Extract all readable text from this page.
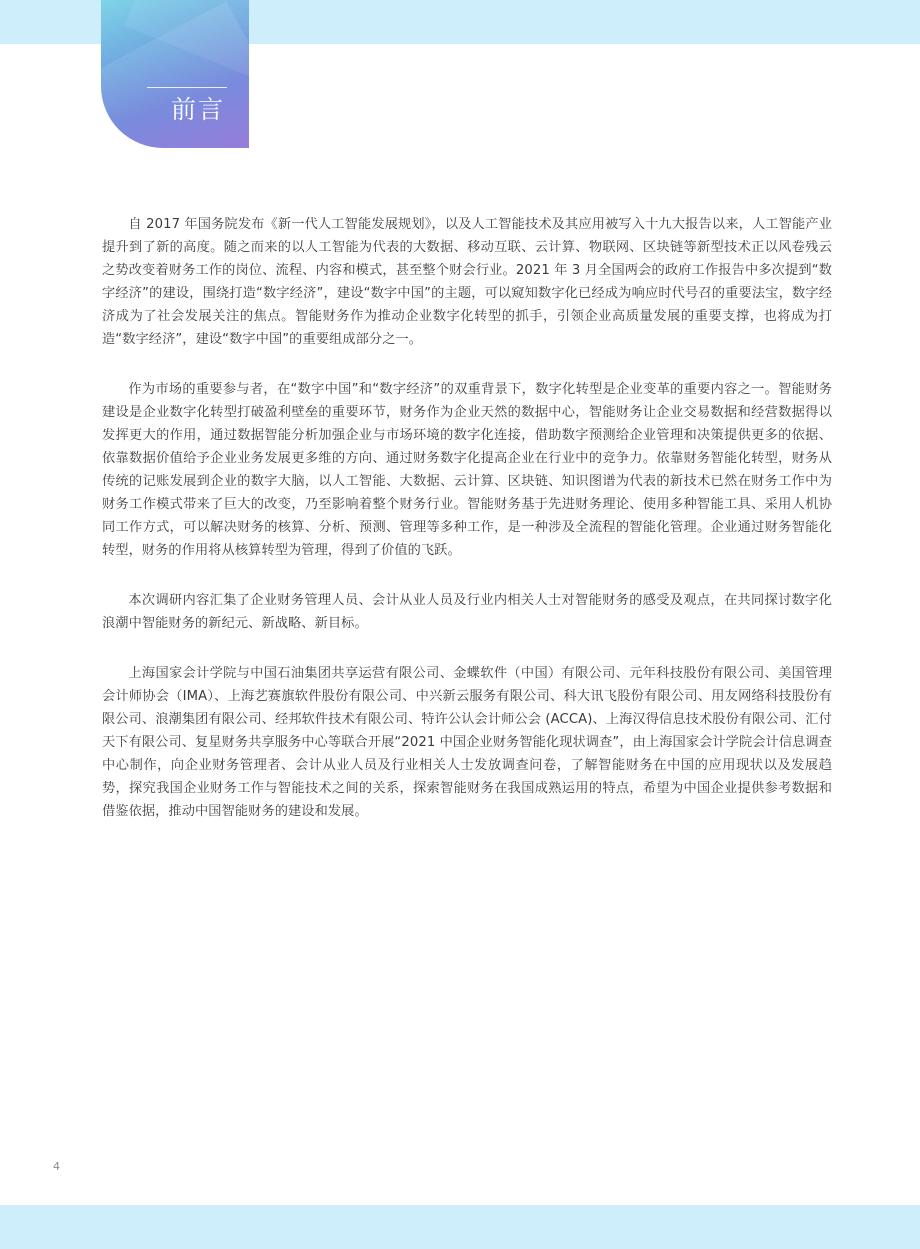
前言

自 2017 年国务院发布《新一代人工智能发展规划》，以及人工智能技术及其应用被写入十九大报告以来，人工智能产业提升到了新的高度。随之而来的以人工智能为代表的大数据、移动互联、云计算、物联网、区块链等新型技术正以风卷残云之势改变着财务工作的岗位、流程、内容和模式，甚至整个财会行业。2021 年 3 月全国两会的政府工作报告中多次提到“数字经济”的建设，围绕打造“数字经济”，建设“数字中国”的主题，可以窥知数字化已经成为响应时代号召的重要法宝，数字经济成为了社会发展关注的焦点。智能财务作为推动企业数字化转型的抓手，引领企业高质量发展的重要支撑，也将成为打造“数字经济”，建设“数字中国”的重要组成部分之一。

作为市场的重要参与者，在“数字中国”和“数字经济”的双重背景下，数字化转型是企业变革的重要内容之一。智能财务建设是企业数字化转型打破盈利壁垒的重要环节，财务作为企业天然的数据中心，智能财务让企业交易数据和经营数据得以发挥更大的作用，通过数据智能分析加强企业与市场环境的数字化连接，借助数字预测给企业管理和决策提供更多的依据、依靠数据价值给予企业业务发展更多维的方向、通过财务数字化提高企业在行业中的竞争力。依靠财务智能化转型，财务从传统的记账发展到企业的数字大脑，以人工智能、大数据、云计算、区块链、知识图谱为代表的新技术已然在财务工作中为财务工作模式带来了巨大的改变，乃至影响着整个财务行业。智能财务基于先进财务理论、使用多种智能工具、采用人机协同工作方式，可以解决财务的核算、分析、预测、管理等多种工作，是一种涉及全流程的智能化管理。企业通过财务智能化转型，财务的作用将从核算转型为管理，得到了价值的飞跃。

本次调研内容汇集了企业财务管理人员、会计从业人员及行业内相关人士对智能财务的感受及观点，在共同探讨数字化浪潮中智能财务的新纪元、新战略、新目标。

上海国家会计学院与中国石油集团共享运营有限公司、金蝶软件（中国）有限公司、元年科技股份有限公司、美国管理会计师协会（IMA）、上海艺赛旗软件股份有限公司、中兴新云服务有限公司、科大讯飞股份有限公司、用友网络科技股份有限公司、浪潮集团有限公司、经邦软件技术有限公司、特许公认会计师公会 (ACCA)、上海汉得信息技术股份有限公司、汇付天下有限公司、复星财务共享服务中心等联合开展“2021 中国企业财务智能化现状调查”，由上海国家会计学院会计信息调查中心制作，向企业财务管理者、会计从业人员及行业相关人士发放调查问卷，了解智能财务在中国的应用现状以及发展趋势，探究我国企业财务工作与智能技术之间的关系，探索智能财务在我国成熟运用的特点，希望为中国企业提供参考数据和借鉴依据，推动中国智能财务的建设和发展。

4
